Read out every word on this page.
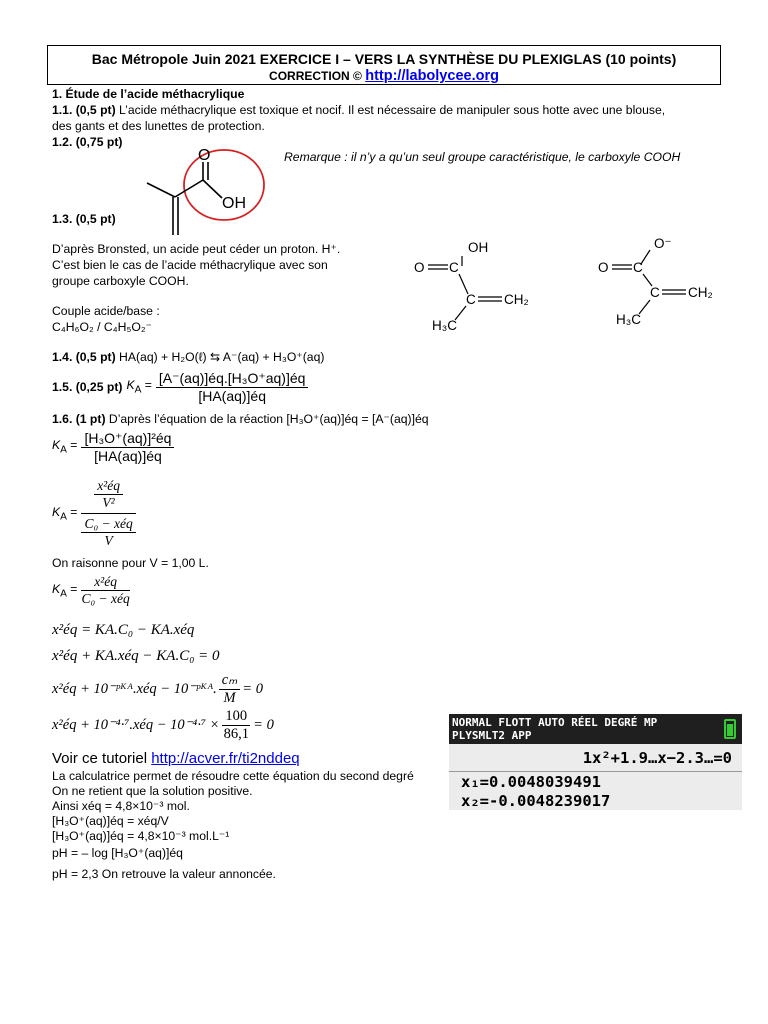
Bac Métropole Juin 2021 EXERCICE I – VERS LA SYNTHÈSE DU PLEXIGLAS (10 points)
CORRECTION © http://labolycee.org
1. Étude de l’acide méthacrylique
1.1. (0,5 pt) L’acide méthacrylique est toxique et nocif. Il est nécessaire de manipuler sous hotte avec une blouse,
des gants et des lunettes de protection.
1.2. (0,75 pt)
Remarque : il n’y a qu’un seul groupe caractéristique, le carboxyle COOH
O
OH
1.3. (0,5 pt)
D’après Bronsted, un acide peut céder un proton. H⁺.
C’est bien le cas de l’acide méthacrylique avec son
groupe carboxyle COOH.
Couple acide/base :
C₄H₆O₂ / C₄H₅O₂⁻
OH
O C
C CH₂
H₃C
O⁻
O C
C CH₂
H₃C
1.4. (0,5 pt) HA(aq) + H₂O(ℓ) ⇆ A⁻(aq) + H₃O⁺(aq)
1.5. (0,25 pt) $K_A = \frac{\text{[A⁻(aq)]éq.[H₃O⁺aq)]éq}}{[HA(aq)]éq}$
1.6. (1 pt) D’après l’équation de la réaction [H₃O⁺(aq)]éq = [A⁻(aq)]éq
$K_A = \frac{\text{[H₃O⁺(aq)]²éq}}{[HA(aq)]éq}$
$K_A = \frac{\frac{\text{x²éq}}{\text{V²}}}{\frac{\text{C₀ − xéq}}{V}}$
On raisonne pour V = 1,00 L.
$K_A = \frac{\text{x²éq}}{\text{C₀ − xéq}}$
x²éq = KA.C₀ − KA.xéq
x²éq + KA.xéq − KA.C₀ = 0
x²éq + 10⁻ᵖᴷᴬ.xéq − 10⁻ᵖᴷᴬ. $\frac{\text{cₘ}}{M} = 0$
x²éq + 10⁻⁴·⁷.xéq − $10^{-4}\cdot^7 \times \frac{100}{86,1} = 0$
Voir ce tutoriel http://acver.fr/ti2nddeq
La calculatrice permet de résoudre cette équation du second degré
On ne retient que la solution positive.
Ainsi xéq = 4,8×10⁻³ mol.
[H₃O⁺(aq)]éq = xéq/V
[H₃O⁺(aq)]éq = 4,8×10⁻³ mol.L⁻¹
pH = – log [H₃O⁺(aq)]éq
pH = 2,3 On retrouve la valeur annoncée.
NORMAL FLOTT AUTO RÉEL DEGRÉ MP
PLYSMLT2 APP
1x²+1.9…x−2.3…=0
x₁=0.0048039491
x₂=-0.0048239017
